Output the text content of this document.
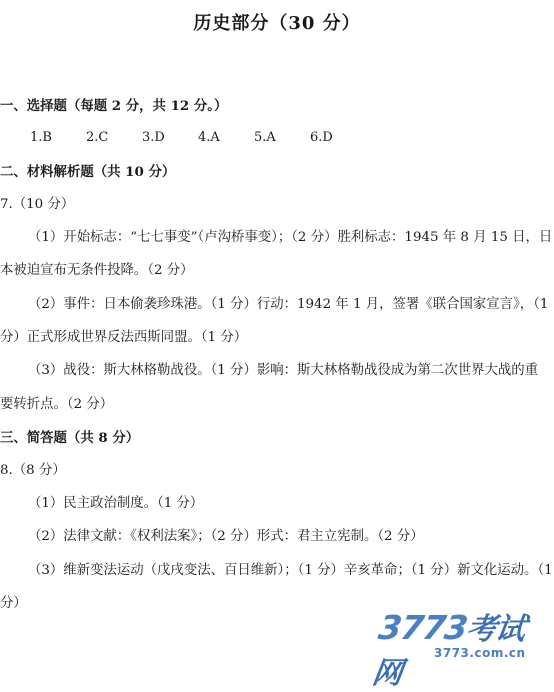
历史部分（30 分）
一、选择题（每题 2 分，共 12 分。）
1.B	2.C	3.D	4.A	5.A	6.D
二、材料解析题（共 10 分）
7.（10 分）
（1）开始标志：“七七事变”（卢沟桥事变）；（2 分）胜利标志：1945 年 8 月 15 日，日
本被迫宣布无条件投降。（2 分）
（2）事件：日本偷袭珍珠港。（1 分）行动：1942 年 1 月，签署《联合国家宣言》，（1
分）正式形成世界反法西斯同盟。（1 分）
（3）战役：斯大林格勒战役。（1 分）影响：斯大林格勒战役成为第二次世界大战的重
要转折点。（2 分）
三、简答题（共 8 分）
8.（8 分）
（1）民主政治制度。（1 分）
（2）法律文献：《权利法案》；（2 分）形式：君主立宪制。（2 分）
（3）维新变法运动（戊戌变法、百日维新）；（1 分）辛亥革命；（1 分）新文化运动。（1
分）
3773考试网
3773.com.cn
